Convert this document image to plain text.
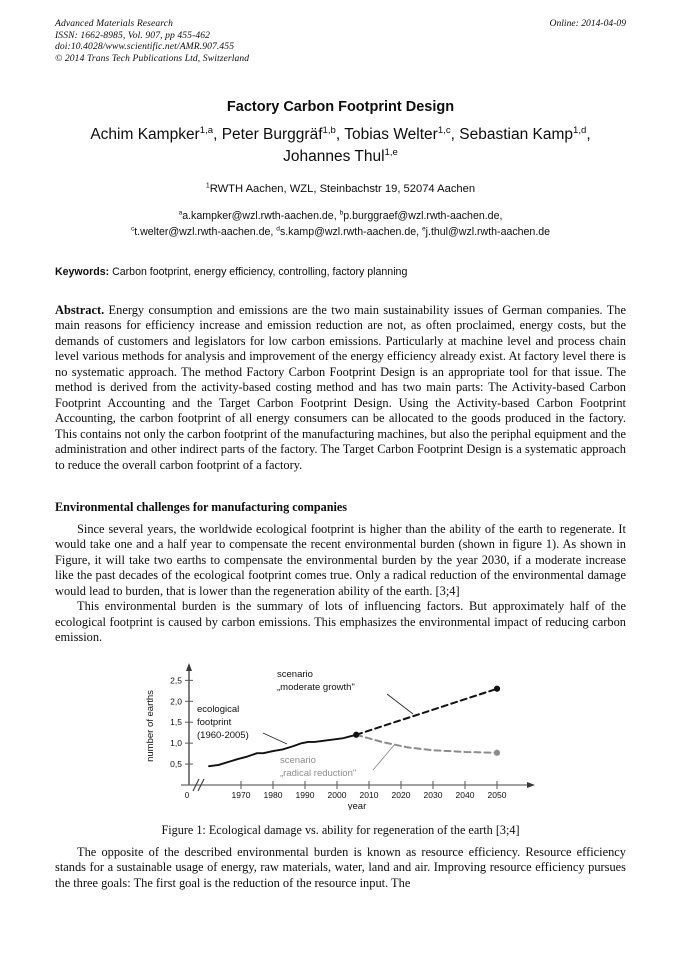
Advanced Materials Research
ISSN: 1662-8985, Vol. 907, pp 455-462
doi:10.4028/www.scientific.net/AMR.907.455
© 2014 Trans Tech Publications Ltd, Switzerland
Online: 2014-04-09
Factory Carbon Footprint Design
Achim Kampker$^{1,a}$, Peter Burggräf$^{1,b}$, Tobias Welter$^{1,c}$, Sebastian Kamp$^{1,d}$,
Johannes Thul$^{1,e}$
$^1$RWTH Aachen, WZL, Steinbachstr 19, 52074 Aachen
$^a$a.kampker@wzl.rwth-aachen.de, $^b$p.burggraef@wzl.rwth-aachen.de,
$^c$t.welter@wzl.rwth-aachen.de, $^d$s.kamp@wzl.rwth-aachen.de, $^e$j.thul@wzl.rwth-aachen.de
Keywords: Carbon footprint, energy efficiency, controlling, factory planning
Abstract. Energy consumption and emissions are the two main sustainability issues of German companies. The main reasons for efficiency increase and emission reduction are not, as often proclaimed, energy costs, but the demands of customers and legislators for low carbon emissions. Particularly at machine level and process chain level various methods for analysis and improvement of the energy efficiency already exist. At factory level there is no systematic approach. The method Factory Carbon Footprint Design is an appropriate tool for that issue. The method is derived from the activity-based costing method and has two main parts: The Activity-based Carbon Footprint Accounting and the Target Carbon Footprint Design. Using the Activity-based Carbon Footprint Accounting, the carbon footprint of all energy consumers can be allocated to the goods produced in the factory. This contains not only the carbon footprint of the manufacturing machines, but also the periphal equipment and the administration and other indirect parts of the factory. The Target Carbon Footprint Design is a systematic approach to reduce the overall carbon footprint of a factory.
Environmental challenges for manufacturing companies

Since several years, the worldwide ecological footprint is higher than the ability of the earth to regenerate. It would take one and a half year to compensate the recent environmental burden (shown in figure 1). As shown in Figure, it will take two earths to compensate the environmental burden by the year 2030, if a moderate increase like the past decades of the ecological footprint comes true. Only a radical reduction of the environmental damage would lead to burden, that is lower than the regeneration ability of the earth. [3;4]

This environmental burden is the summary of lots of influencing factors. But approximately half of the ecological footprint is caused by carbon emissions. This emphasizes the environmental impact of reducing carbon emission.

0,5
1,0
1,5
2,0
2,5
number of earths
0	1970 1980 1990 2000 2010 2020 2030 2040 2050
year
ecological
footprint
(1960-2005)
scenario
„moderate growth"
scenario
„radical reduction"
Figure 1: Ecological damage vs. ability for regeneration of the earth [3;4]

The opposite of the described environmental burden is known as resource efficiency. Resource efficiency stands for a sustainable usage of energy, raw materials, water, land and air. Improving resource efficiency pursues the three goals: The first goal is the reduction of the resource input. The
